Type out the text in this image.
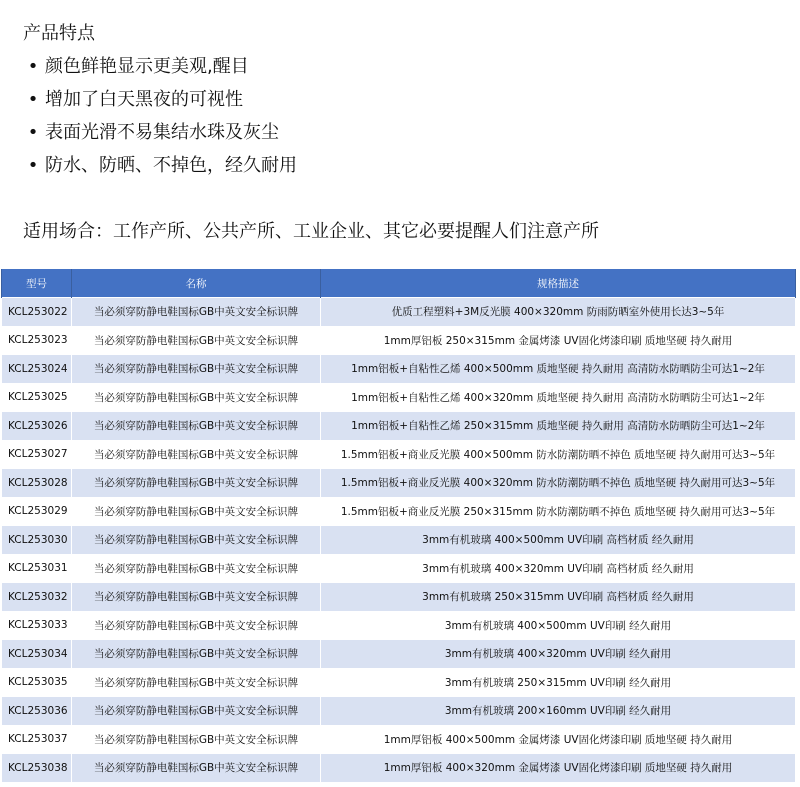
产品特点
• 颜色鲜艳显示更美观,醒目
• 增加了白天黑夜的可视性
• 表面光滑不易集结水珠及灰尘
• 防水、防晒、不掉色，经久耐用
适用场合：工作产所、公共产所、工业企业、其它必要提醒人们注意产所
型号	名称	规格描述
KCL253022	当必须穿防静电鞋国标GB中英文安全标识牌	优质工程塑料+3M反光膜 400×320mm 防雨防晒室外使用长达3~5年
KCL253023	当必须穿防静电鞋国标GB中英文安全标识牌	1mm厚铝板 250×315mm 金属烤漆 UV固化烤漆印刷 质地坚硬 持久耐用
KCL253024	当必须穿防静电鞋国标GB中英文安全标识牌	1mm铝板+自粘性乙烯 400×500mm 质地坚硬 持久耐用 高清防水防晒防尘可达1~2年
KCL253025	当必须穿防静电鞋国标GB中英文安全标识牌	1mm铝板+自粘性乙烯 400×320mm 质地坚硬 持久耐用 高清防水防晒防尘可达1~2年
KCL253026	当必须穿防静电鞋国标GB中英文安全标识牌	1mm铝板+自粘性乙烯 250×315mm 质地坚硬 持久耐用 高清防水防晒防尘可达1~2年
KCL253027	当必须穿防静电鞋国标GB中英文安全标识牌	1.5mm铝板+商业反光膜 400×500mm 防水防潮防晒不掉色 质地坚硬 持久耐用可达3~5年
KCL253028	当必须穿防静电鞋国标GB中英文安全标识牌	1.5mm铝板+商业反光膜 400×320mm 防水防潮防晒不掉色 质地坚硬 持久耐用可达3~5年
KCL253029	当必须穿防静电鞋国标GB中英文安全标识牌	1.5mm铝板+商业反光膜 250×315mm 防水防潮防晒不掉色 质地坚硬 持久耐用可达3~5年
KCL253030	当必须穿防静电鞋国标GB中英文安全标识牌	3mm有机玻璃 400×500mm UV印刷 高档材质 经久耐用
KCL253031	当必须穿防静电鞋国标GB中英文安全标识牌	3mm有机玻璃 400×320mm UV印刷 高档材质 经久耐用
KCL253032	当必须穿防静电鞋国标GB中英文安全标识牌	3mm有机玻璃 250×315mm UV印刷 高档材质 经久耐用
KCL253033	当必须穿防静电鞋国标GB中英文安全标识牌	3mm有机玻璃 400×500mm UV印刷 经久耐用
KCL253034	当必须穿防静电鞋国标GB中英文安全标识牌	3mm有机玻璃 400×320mm UV印刷 经久耐用
KCL253035	当必须穿防静电鞋国标GB中英文安全标识牌	3mm有机玻璃 250×315mm UV印刷 经久耐用
KCL253036	当必须穿防静电鞋国标GB中英文安全标识牌	3mm有机玻璃 200×160mm UV印刷 经久耐用
KCL253037	当必须穿防静电鞋国标GB中英文安全标识牌	1mm厚铝板 400×500mm 金属烤漆 UV固化烤漆印刷 质地坚硬 持久耐用
KCL253038	当必须穿防静电鞋国标GB中英文安全标识牌	1mm厚铝板 400×320mm 金属烤漆 UV固化烤漆印刷 质地坚硬 持久耐用
